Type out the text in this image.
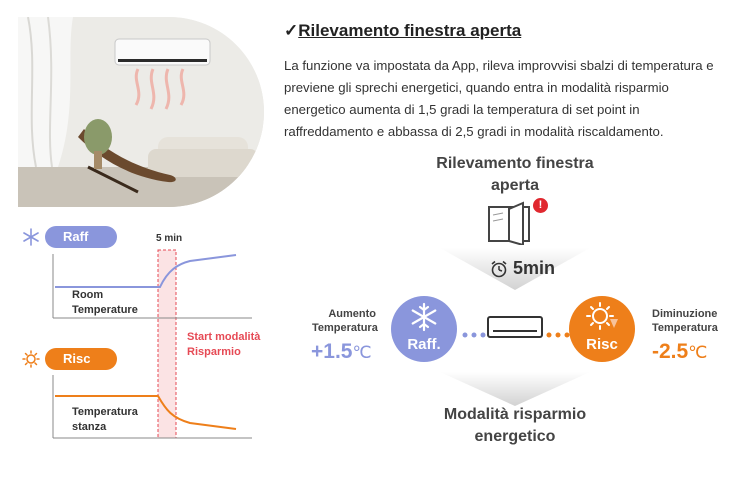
✓Rilevamento finestra aperta
La funzione va impostata da App, rileva improvvisi sbalzi di temperatura e previene gli sprechi energetici, quando entra in modalità risparmio energetico aumenta di 1,5 gradi la temperatura di set point in raffreddamento e abbassa di 2,5 gradi in modalità riscaldamento.
Rilevamento finestra
aperta
!
5min
Aumento
Temperatura
+1.5℃	Raff.	Risc
Diminuzione
Temperatura
-2.5℃
Modalità risparmio
energetico
Raff
Risc
5 min
Room
Temperature
Temperatura
stanza
Start modalità
Risparmio
